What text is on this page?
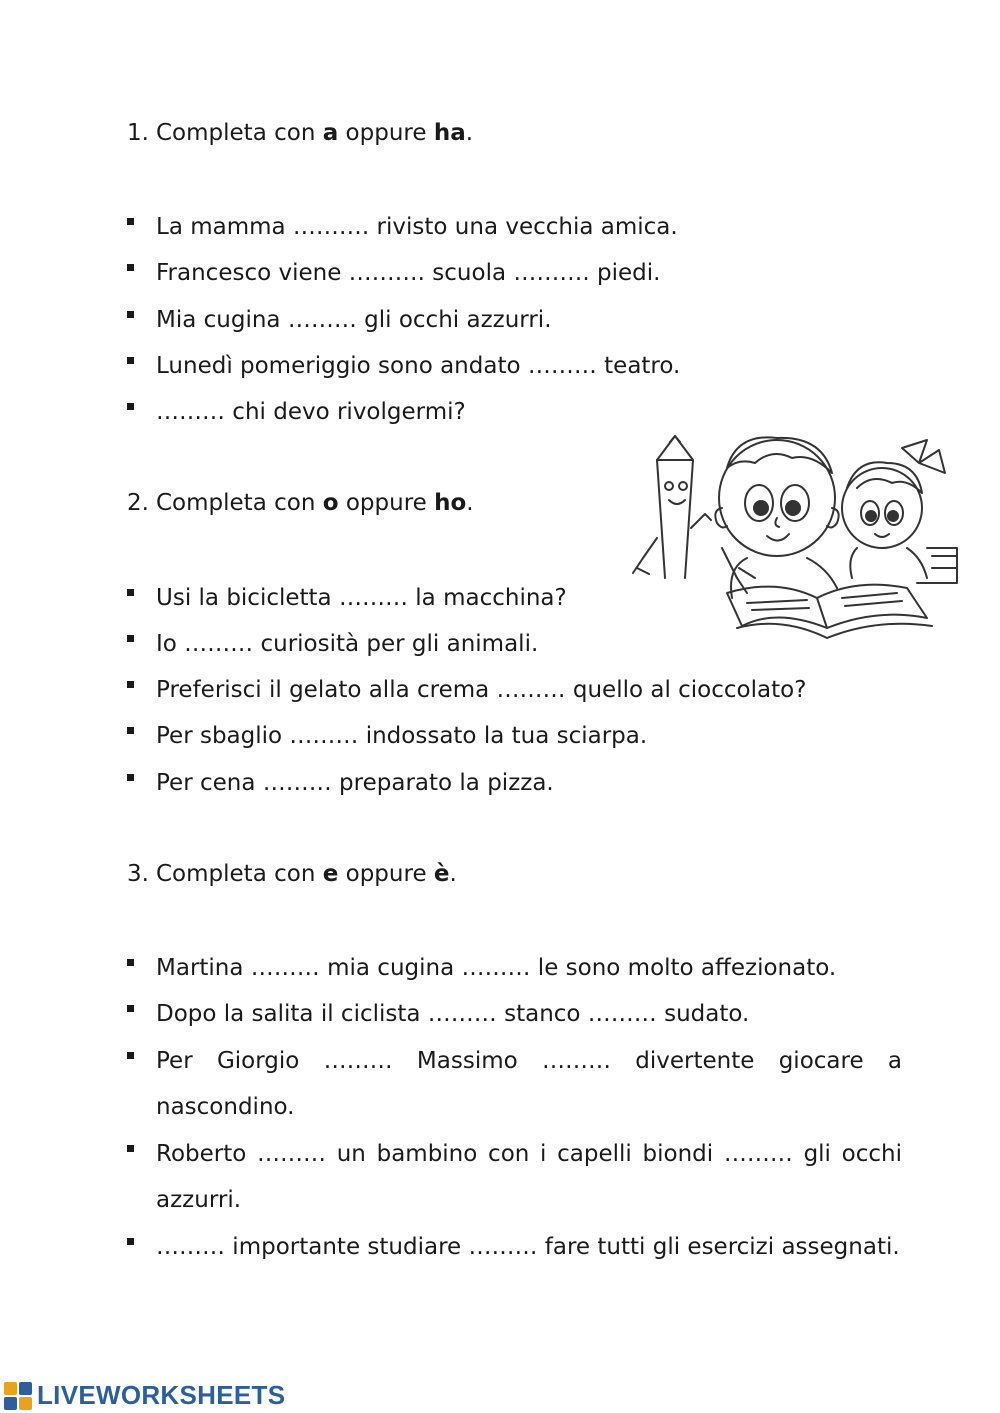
1. Completa con a oppure ha .
La mamma ………. rivisto una vecchia amica.
Francesco viene ………. scuola ………. piedi.
Mia cugina ……… gli occhi azzurri.
Lunedì pomeriggio sono andato ……… teatro.
……… chi devo rivolgermi?
2. Completa con o oppure ho .
Usi la bicicletta ……… la macchina?
Io ……… curiosità per gli animali.
Preferisci il gelato alla crema ……… quello al cioccolato?
Per sbaglio ……… indossato la tua sciarpa.
Per cena ……… preparato la pizza.
3. Completa con e oppure è .
Martina ……… mia cugina ……… le sono molto affezionato.
Dopo la salita il ciclista ……… stanco ……… sudato.
Per Giorgio ……… Massimo ……… divertente giocare a nascondino.
Roberto ……… un bambino con i capelli biondi ……… gli occhi azzurri.
……… importante studiare ……… fare tutti gli esercizi assegnati.
LIVEWORKSHEETS
